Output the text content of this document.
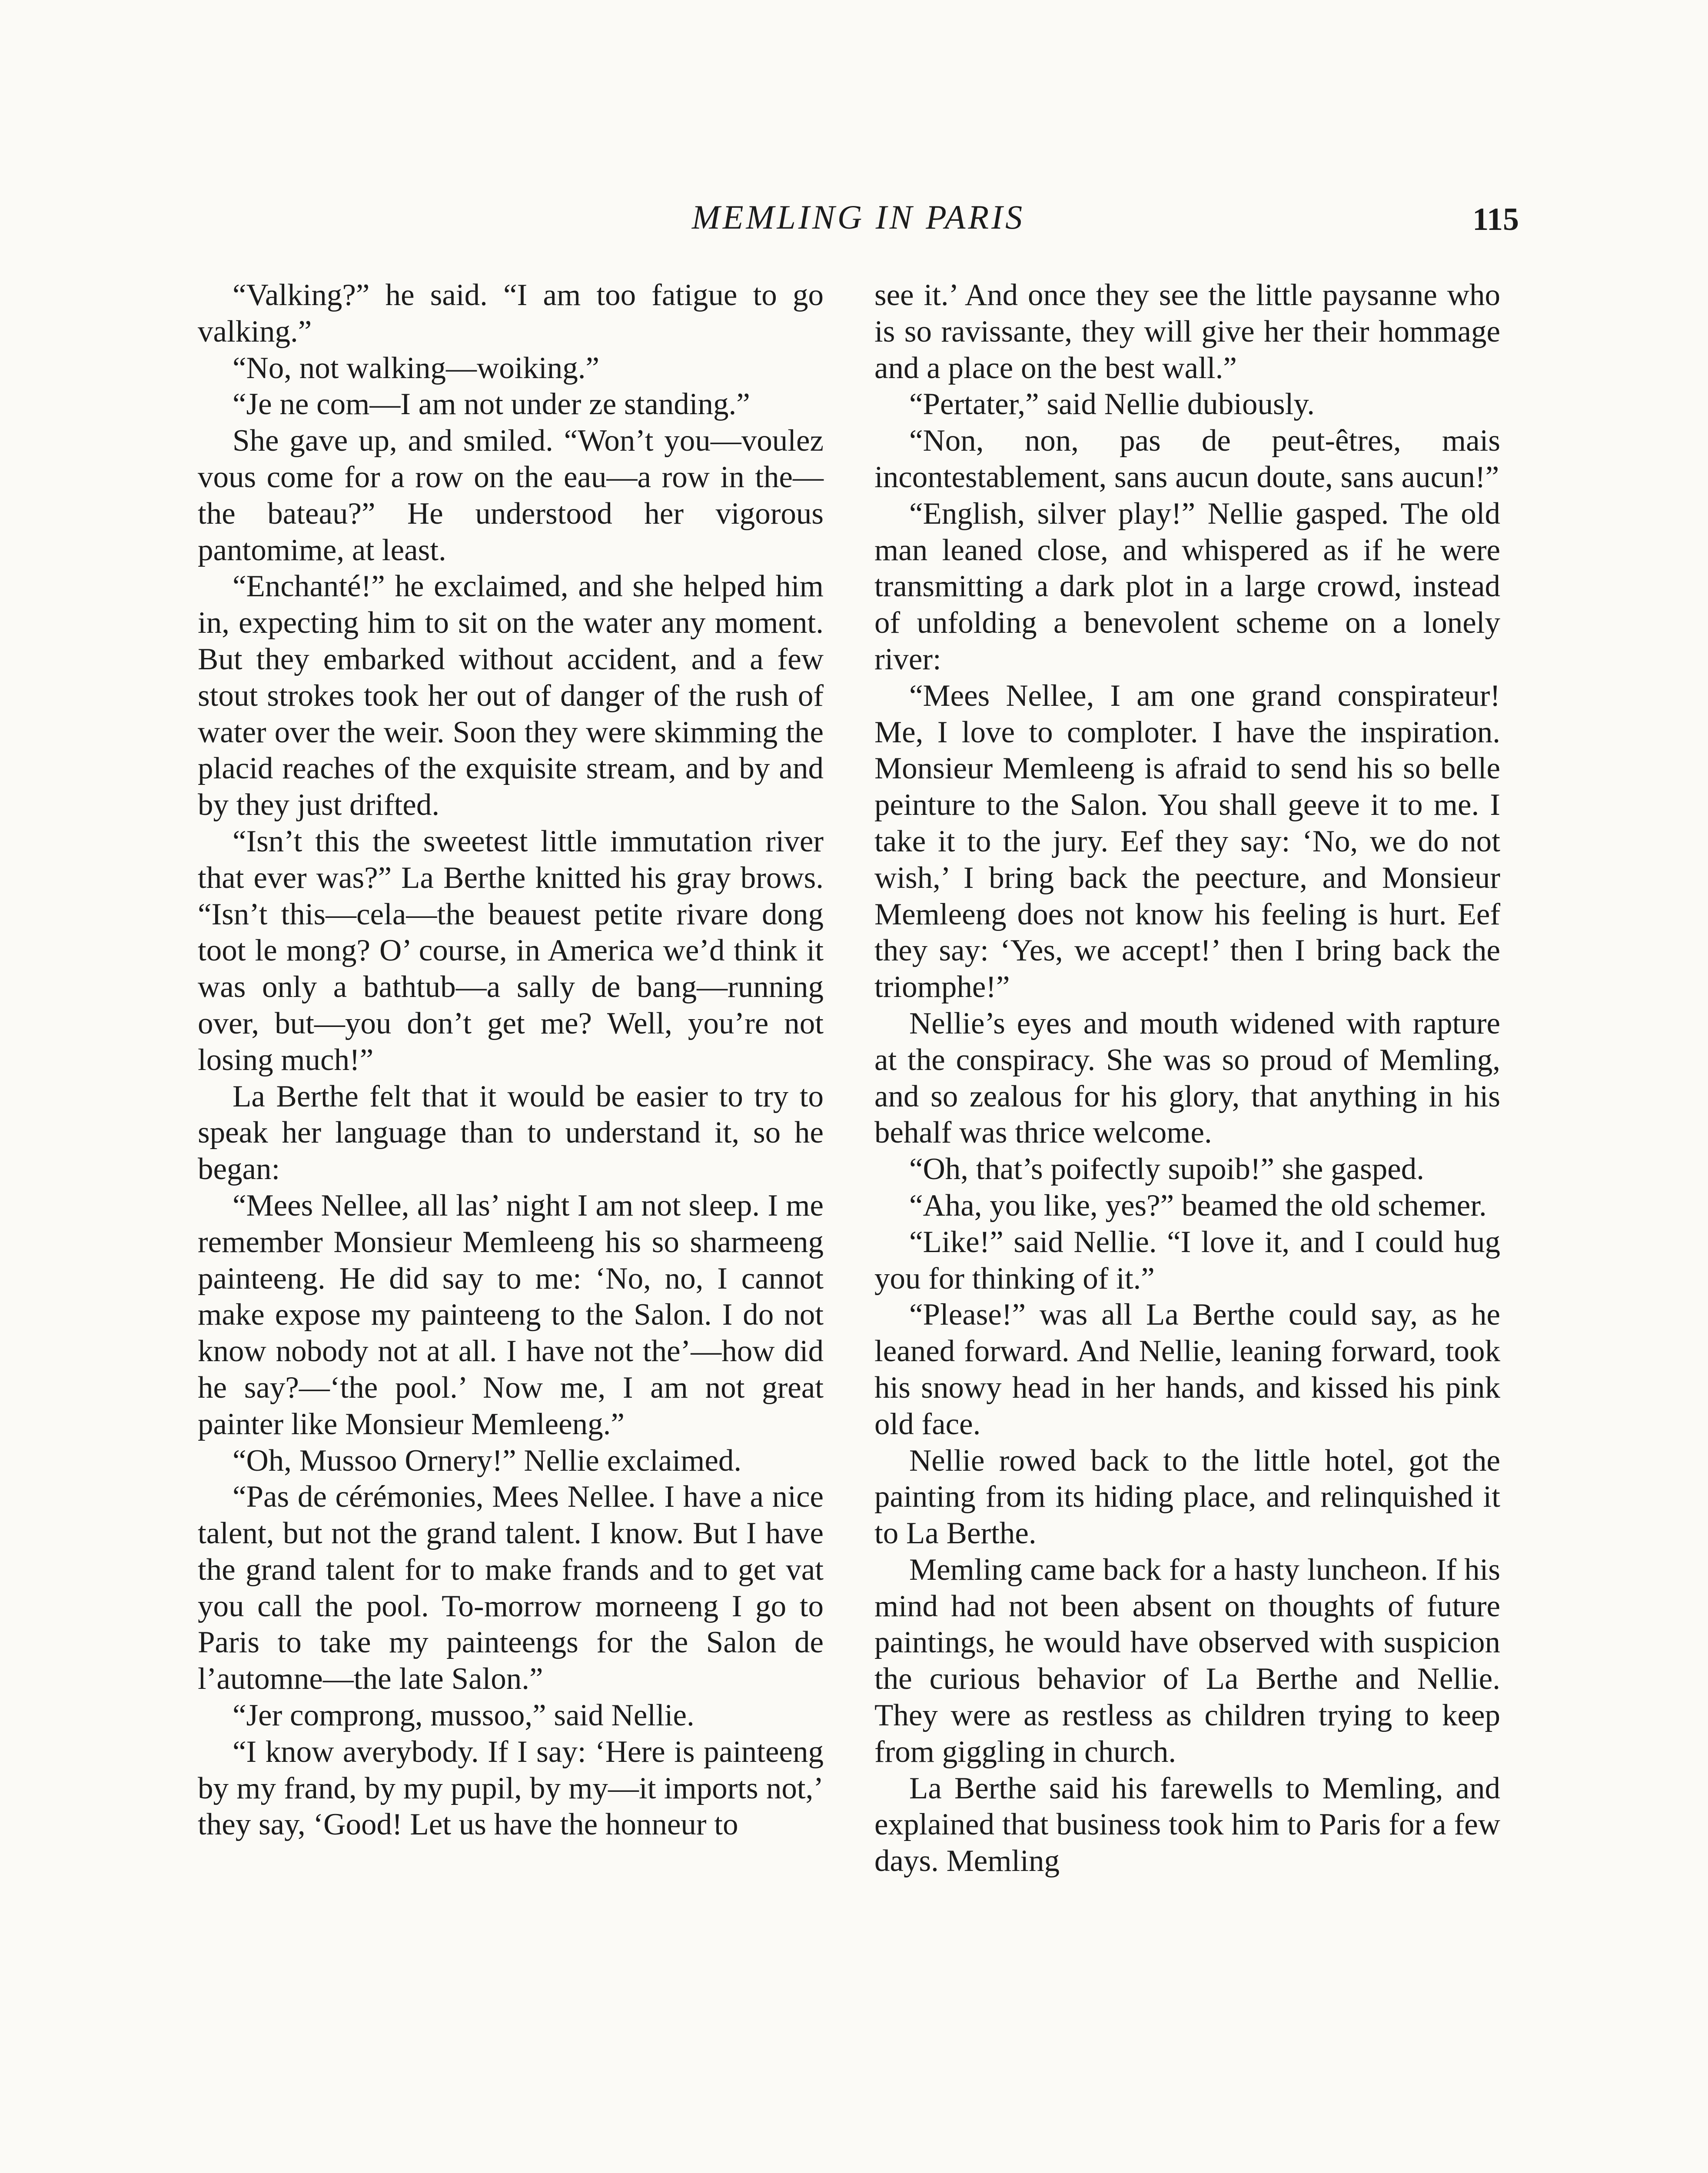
MEMLING IN PARIS	115

“Valking?” he said. “I am too fatigue to go valking.”

“No, not walking—woiking.”

“Je ne com—I am not under ze standing.”

She gave up, and smiled. “Won’t you—voulez vous come for a row on the eau—a row in the—the bateau?” He understood her vigorous pantomime, at least.

“Enchanté!” he exclaimed, and she helped him in, expecting him to sit on the water any moment. But they embarked without accident, and a few stout strokes took her out of danger of the rush of water over the weir. Soon they were skimming the placid reaches of the exquisite stream, and by and by they just drifted.

“Isn’t this the sweetest little immutation river that ever was?” La Berthe knitted his gray brows. “Isn’t this—cela—the beauest petite rivare dong toot le mong? O’ course, in America we’d think it was only a bathtub—a sally de bang—running over, but—you don’t get me? Well, you’re not losing much!”

La Berthe felt that it would be easier to try to speak her language than to understand it, so he began:

“Mees Nellee, all las’ night I am not sleep. I me remember Monsieur Memleeng his so sharmeeng painteeng. He did say to me: ‘No, no, I cannot make expose my painteeng to the Salon. I do not know nobody not at all. I have not the’—how did he say?—‘the pool.’ Now me, I am not great painter like Monsieur Memleeng.”

“Oh, Mussoo Ornery!” Nellie exclaimed.

“Pas de cérémonies, Mees Nellee. I have a nice talent, but not the grand talent. I know. But I have the grand talent for to make frands and to get vat you call the pool. To-morrow morneeng I go to Paris to take my painteengs for the Salon de l’automne—the late Salon.”

“Jer comprong, mussoo,” said Nellie.

“I know averybody. If I say: ‘Here is painteeng by my frand, by my pupil, by my—it imports not,’ they say, ‘Good! Let us have the honneur to

see it.’ And once they see the little paysanne who is so ravissante, they will give her their hommage and a place on the best wall.”

“Pertater,” said Nellie dubiously.

“Non, non, pas de peut-êtres, mais incontestablement, sans aucun doute, sans aucun!”

“English, silver play!” Nellie gasped. The old man leaned close, and whispered as if he were transmitting a dark plot in a large crowd, instead of unfolding a benevolent scheme on a lonely river:

“Mees Nellee, I am one grand conspirateur! Me, I love to comploter. I have the inspiration. Monsieur Memleeng is afraid to send his so belle peinture to the Salon. You shall geeve it to me. I take it to the jury. Eef they say: ‘No, we do not wish,’ I bring back the peecture, and Monsieur Memleeng does not know his feeling is hurt. Eef they say: ‘Yes, we accept!’ then I bring back the triomphe!”

Nellie’s eyes and mouth widened with rapture at the conspiracy. She was so proud of Memling, and so zealous for his glory, that anything in his behalf was thrice welcome.

“Oh, that’s poifectly supoib!” she gasped.

“Aha, you like, yes?” beamed the old schemer.

“Like!” said Nellie. “I love it, and I could hug you for thinking of it.”

“Please!” was all La Berthe could say, as he leaned forward. And Nellie, leaning forward, took his snowy head in her hands, and kissed his pink old face.

Nellie rowed back to the little hotel, got the painting from its hiding place, and relinquished it to La Berthe.

Memling came back for a hasty luncheon. If his mind had not been absent on thoughts of future paintings, he would have observed with suspicion the curious behavior of La Berthe and Nellie. They were as restless as children trying to keep from giggling in church.

La Berthe said his farewells to Memling, and explained that business took him to Paris for a few days. Memling
